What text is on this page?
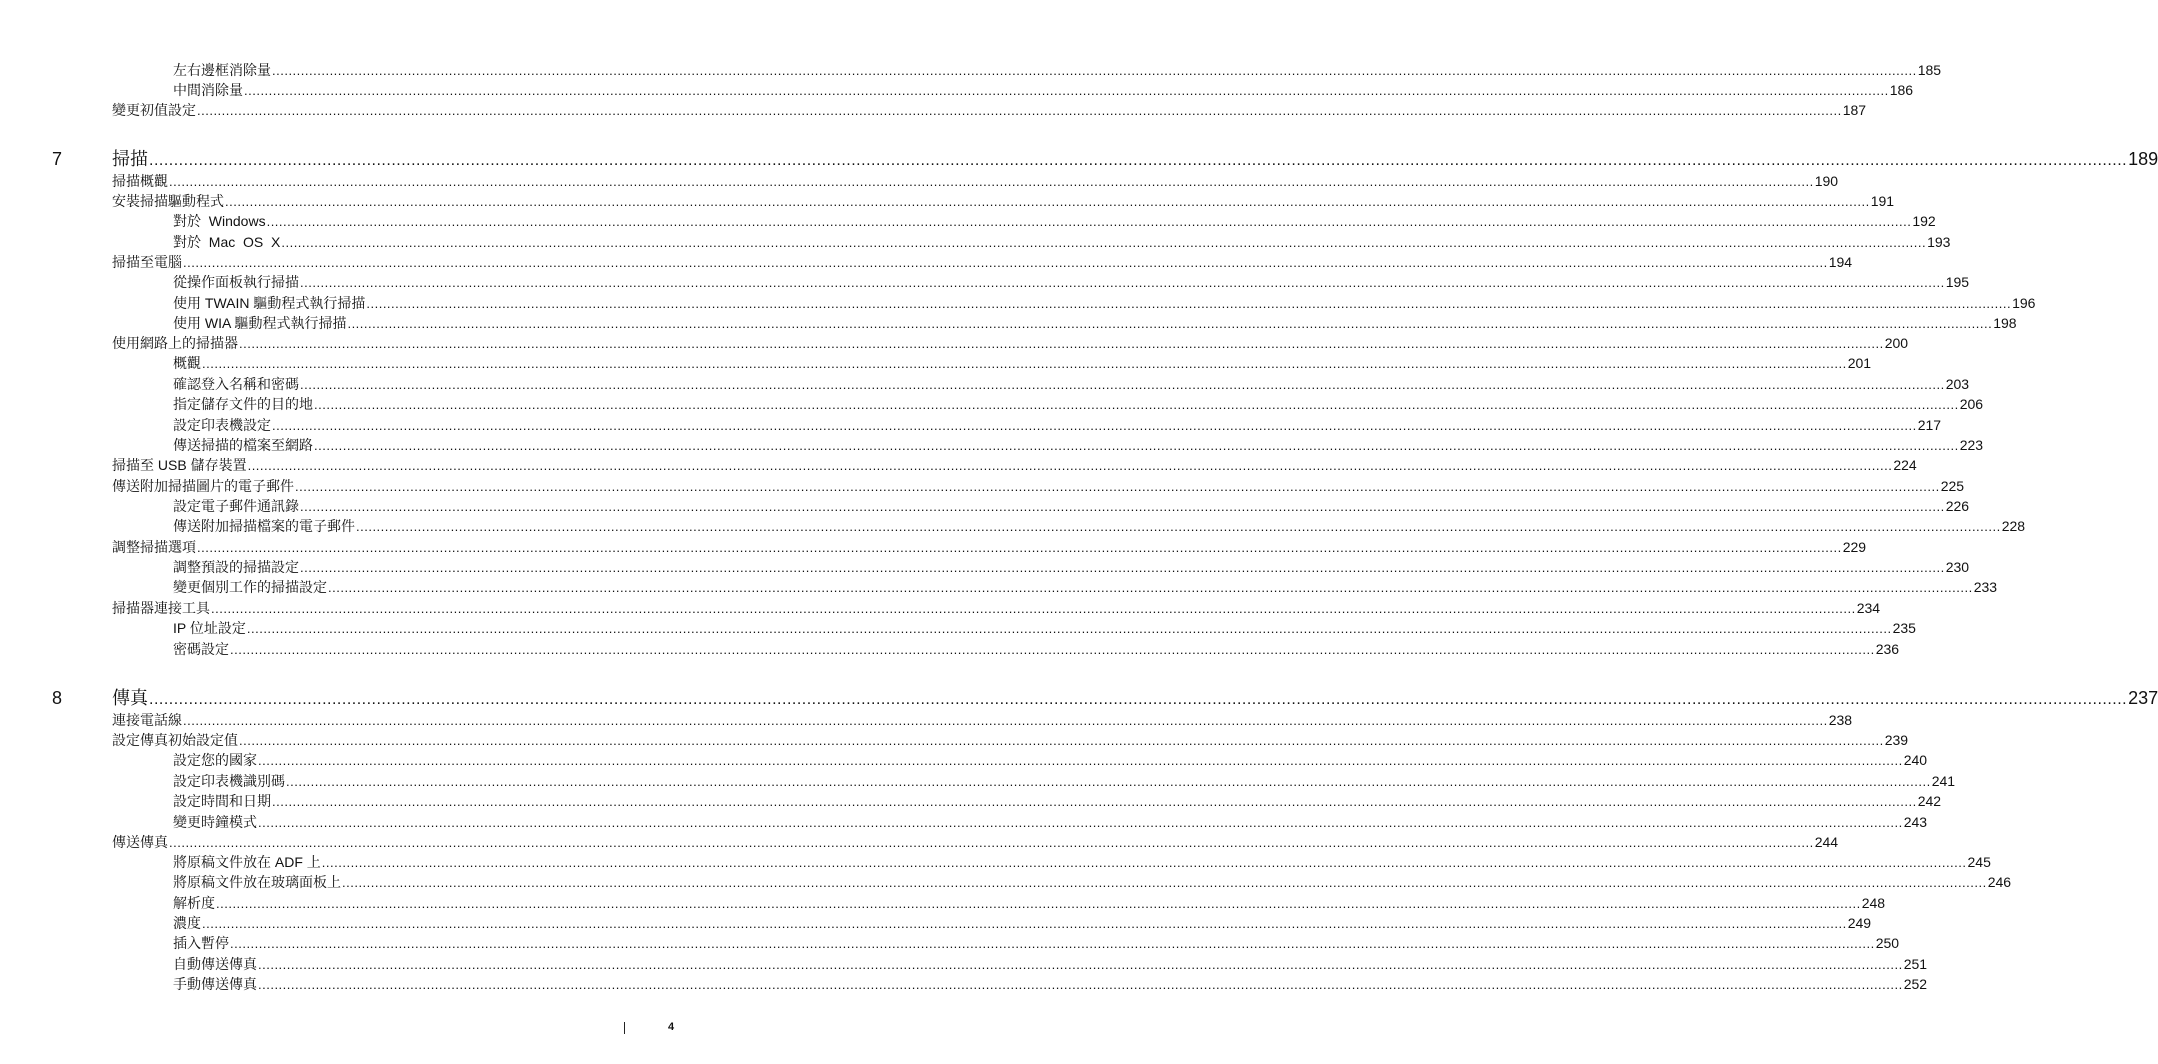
左右邊框消除量 ................................................................................................................................................................................................................................................................................................................................................................................................................ 185
中間消除量 ................................................................................................................................................................................................................................................................................................................................................................................................................ 186
變更初值設定 ................................................................................................................................................................................................................................................................................................................................................................................................................ 187
7	掃描 ................................................................................................................................................................................................................................................................................................................................................................................................................ 189
掃描概觀 ................................................................................................................................................................................................................................................................................................................................................................................................................ 190
安裝掃描驅動程式 ................................................................................................................................................................................................................................................................................................................................................................................................................ 191
對於  Windows ................................................................................................................................................................................................................................................................................................................................................................................................................ 192
對於  Mac  OS  X ................................................................................................................................................................................................................................................................................................................................................................................................................ 193
掃描至電腦 ................................................................................................................................................................................................................................................................................................................................................................................................................ 194
從操作面板執行掃描 ................................................................................................................................................................................................................................................................................................................................................................................................................ 195
使用 TWAIN 驅動程式執行掃描 ................................................................................................................................................................................................................................................................................................................................................................................................................ 196
使用 WIA 驅動程式執行掃描 ................................................................................................................................................................................................................................................................................................................................................................................................................ 198
使用網路上的掃描器 ................................................................................................................................................................................................................................................................................................................................................................................................................ 200
概觀 ................................................................................................................................................................................................................................................................................................................................................................................................................ 201
確認登入名稱和密碼 ................................................................................................................................................................................................................................................................................................................................................................................................................ 203
指定儲存文件的目的地 ................................................................................................................................................................................................................................................................................................................................................................................................................ 206
設定印表機設定 ................................................................................................................................................................................................................................................................................................................................................................................................................ 217
傳送掃描的檔案至網路 ................................................................................................................................................................................................................................................................................................................................................................................................................ 223
掃描至 USB 儲存裝置 ................................................................................................................................................................................................................................................................................................................................................................................................................ 224
傳送附加掃描圖片的電子郵件 ................................................................................................................................................................................................................................................................................................................................................................................................................ 225
設定電子郵件通訊錄 ................................................................................................................................................................................................................................................................................................................................................................................................................ 226
傳送附加掃描檔案的電子郵件 ................................................................................................................................................................................................................................................................................................................................................................................................................ 228
調整掃描選項 ................................................................................................................................................................................................................................................................................................................................................................................................................ 229
調整預設的掃描設定 ................................................................................................................................................................................................................................................................................................................................................................................................................ 230
變更個別工作的掃描設定 ................................................................................................................................................................................................................................................................................................................................................................................................................ 233
掃描器連接工具 ................................................................................................................................................................................................................................................................................................................................................................................................................ 234
IP 位址設定 ................................................................................................................................................................................................................................................................................................................................................................................................................ 235
密碼設定 ................................................................................................................................................................................................................................................................................................................................................................................................................ 236
8	傳真 ................................................................................................................................................................................................................................................................................................................................................................................................................ 237
連接電話線 ................................................................................................................................................................................................................................................................................................................................................................................................................ 238
設定傳真初始設定值 ................................................................................................................................................................................................................................................................................................................................................................................................................ 239
設定您的國家 ................................................................................................................................................................................................................................................................................................................................................................................................................ 240
設定印表機識別碼 ................................................................................................................................................................................................................................................................................................................................................................................................................ 241
設定時間和日期 ................................................................................................................................................................................................................................................................................................................................................................................................................ 242
變更時鐘模式 ................................................................................................................................................................................................................................................................................................................................................................................................................ 243
傳送傳真 ................................................................................................................................................................................................................................................................................................................................................................................................................ 244
將原稿文件放在 ADF 上 ................................................................................................................................................................................................................................................................................................................................................................................................................ 245
將原稿文件放在玻璃面板上 ................................................................................................................................................................................................................................................................................................................................................................................................................ 246
解析度 ................................................................................................................................................................................................................................................................................................................................................................................................................ 248
濃度 ................................................................................................................................................................................................................................................................................................................................................................................................................ 249
插入暫停 ................................................................................................................................................................................................................................................................................................................................................................................................................ 250
自動傳送傳真 ................................................................................................................................................................................................................................................................................................................................................................................................................ 251
手動傳送傳真 ................................................................................................................................................................................................................................................................................................................................................................................................................ 252
4
